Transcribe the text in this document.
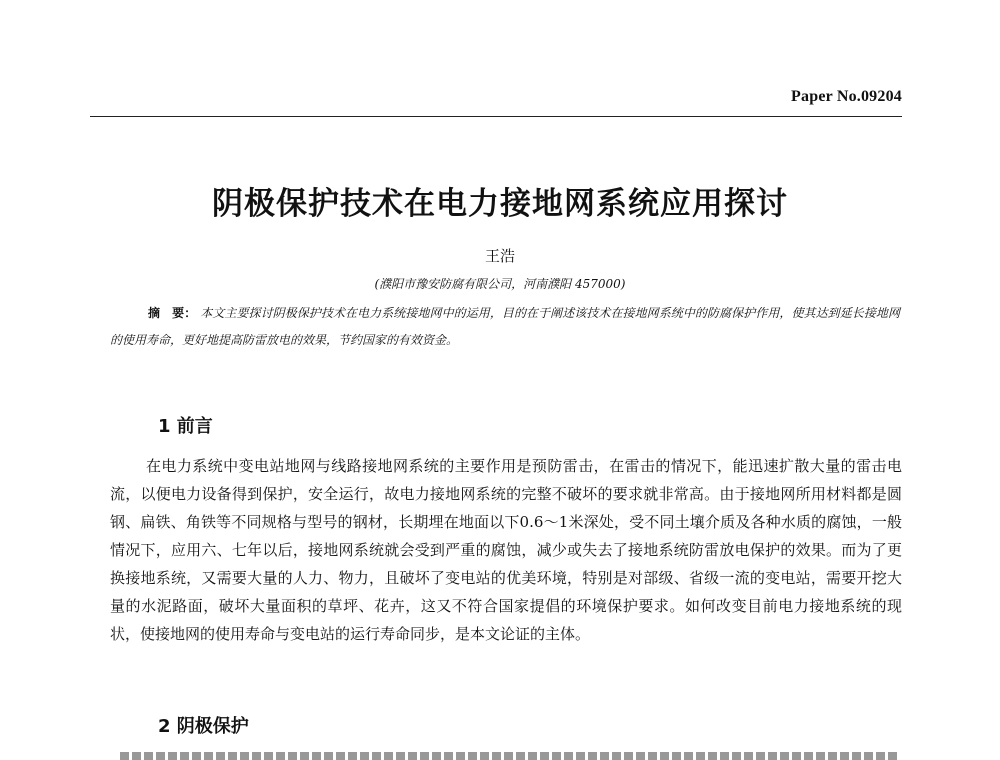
Paper No.09204
阴极保护技术在电力接地网系统应用探讨
王浩
(濮阳市豫安防腐有限公司，河南濮阳 457000)
摘　要： 本文主要探讨阴极保护技术在电力系统接地网中的运用，目的在于阐述该技术在接地网系统中的防腐保护作用，使其达到延长接地网的使用寿命，更好地提高防雷放电的效果，节约国家的有效资金。
1 前言
在电力系统中变电站地网与线路接地网系统的主要作用是预防雷击，在雷击的情况下，能迅速扩散大量的雷击电流，以便电力设备得到保护，安全运行，故电力接地网系统的完整不破坏的要求就非常高。由于接地网所用材料都是圆钢、扁铁、角铁等不同规格与型号的钢材，长期埋在地面以下0.6～1米深处，受不同土壤介质及各种水质的腐蚀，一般情况下，应用六、七年以后，接地网系统就会受到严重的腐蚀，减少或失去了接地系统防雷放电保护的效果。而为了更换接地系统，又需要大量的人力、物力，且破坏了变电站的优美环境，特别是对部级、省级一流的变电站，需要开挖大量的水泥路面，破坏大量面积的草坪、花卉，这又不符合国家提倡的环境保护要求。如何改变目前电力接地系统的现状，使接地网的使用寿命与变电站的运行寿命同步，是本文论证的主体。
2 阴极保护
